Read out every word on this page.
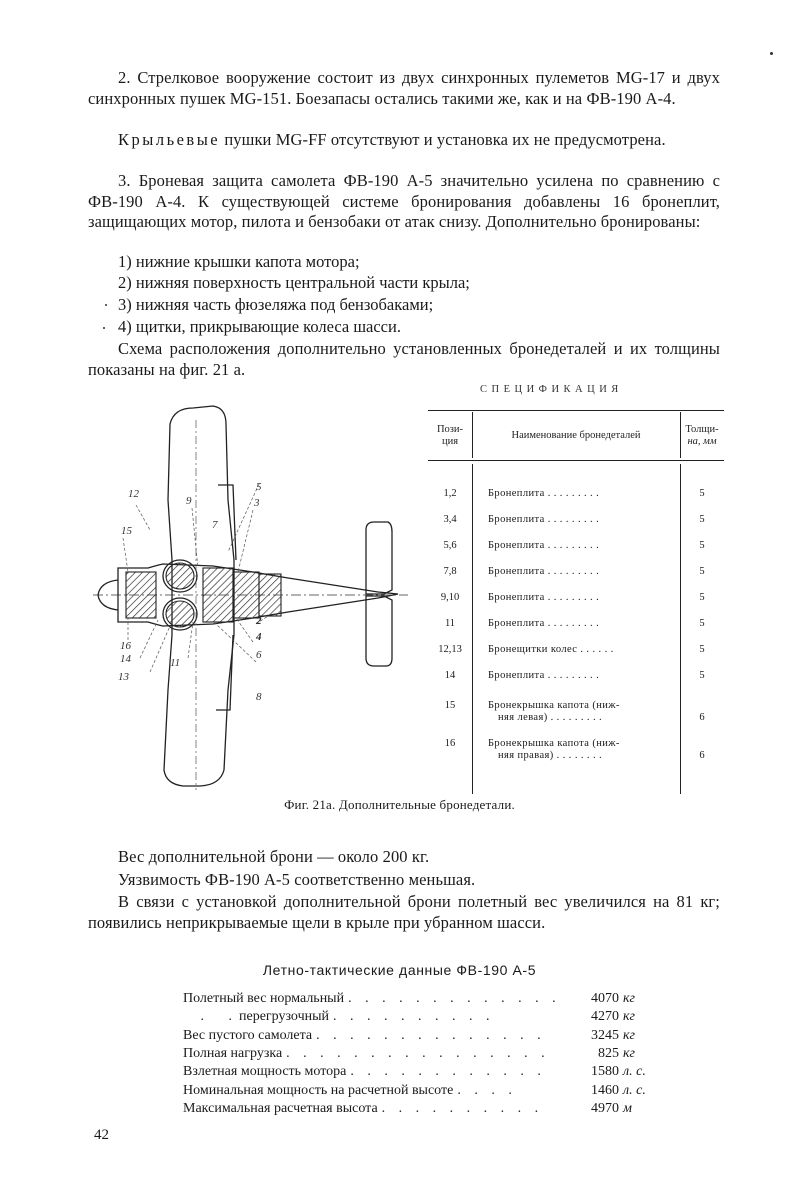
2. Стрелковое вооружение состоит из двух синхронных пулеметов MG-17 и двух синхронных пушек MG-151. Боезапасы остались такими же, как и на ФВ-190 А-4.
Крыльевые пушки MG-FF отсутствуют и установка их не предусмотрена.
3. Броневая защита самолета ФВ-190 А-5 значительно усилена по сравнению с ФВ-190 А-4. К существующей системе бронирования добавлены 16 бронеплит, защищающих мотор, пилота и бензобаки от атак снизу. Дополнительно бронированы:
1) нижние крышки капота мотора;
2) нижняя поверхность центральной части крыла;
3) нижняя часть фюзеляжа под бензобаками;
4) щитки, прикрывающие колеса шасси.
Схема расположения дополнительно установленных бронедеталей и их толщины показаны на фиг. 21 а.
12
9
7
5
3
15
2
4
6
16
14
13
11
8
СПЕЦИФИКАЦИЯ
Пози-
ция
Наименование бронедеталей
Толщи-
на, мм
1,2	Бронеплита . . . . . . . . .	5
3,4	Бронеплита . . . . . . . . .	5
5,6	Бронеплита . . . . . . . . .	5
7,8	Бронеплита . . . . . . . . .	5
9,10	Бронеплита . . . . . . . . .	5
11	Бронеплита . . . . . . . . .	5
12,13	Бронещитки колес . . . . . .	5
14	Бронеплита . . . . . . . . .	5
15	Бронекрышка капота (ниж-
няя левая) . . . . . . . . .	6
16	Бронекрышка капота (ниж-
няя правая) . . . . . . . .	6
Фиг. 21а. Дополнительные бронедетали.
Вес дополнительной брони — около 200 кг.
Уязвимость ФВ-190 А-5 соответственно меньшая.
В связи с установкой дополнительной брони полетный вес увеличился на 81 кг; появились неприкрываемые щели в крыле при убранном шасси.
Летно-тактические данные ФВ-190 А-5
Полетный вес нормальный . . . . . . . . . . . . .	4070 кг
.       .  перегрузочный . . . . . . . . . .	4270 кг
Вес пустого самолета . . . . . . . . . . . . . .	3245 кг
Полная нагрузка . . . . . . . . . . . . . . . .	825 кг
Взлетная мощность мотора . . . . . . . . . . . .	1580 л. с.
Номинальная мощность на расчетной высоте . . . .	1460 л. с.
Максимальная расчетная высота . . . . . . . . . .	4970 м
42
